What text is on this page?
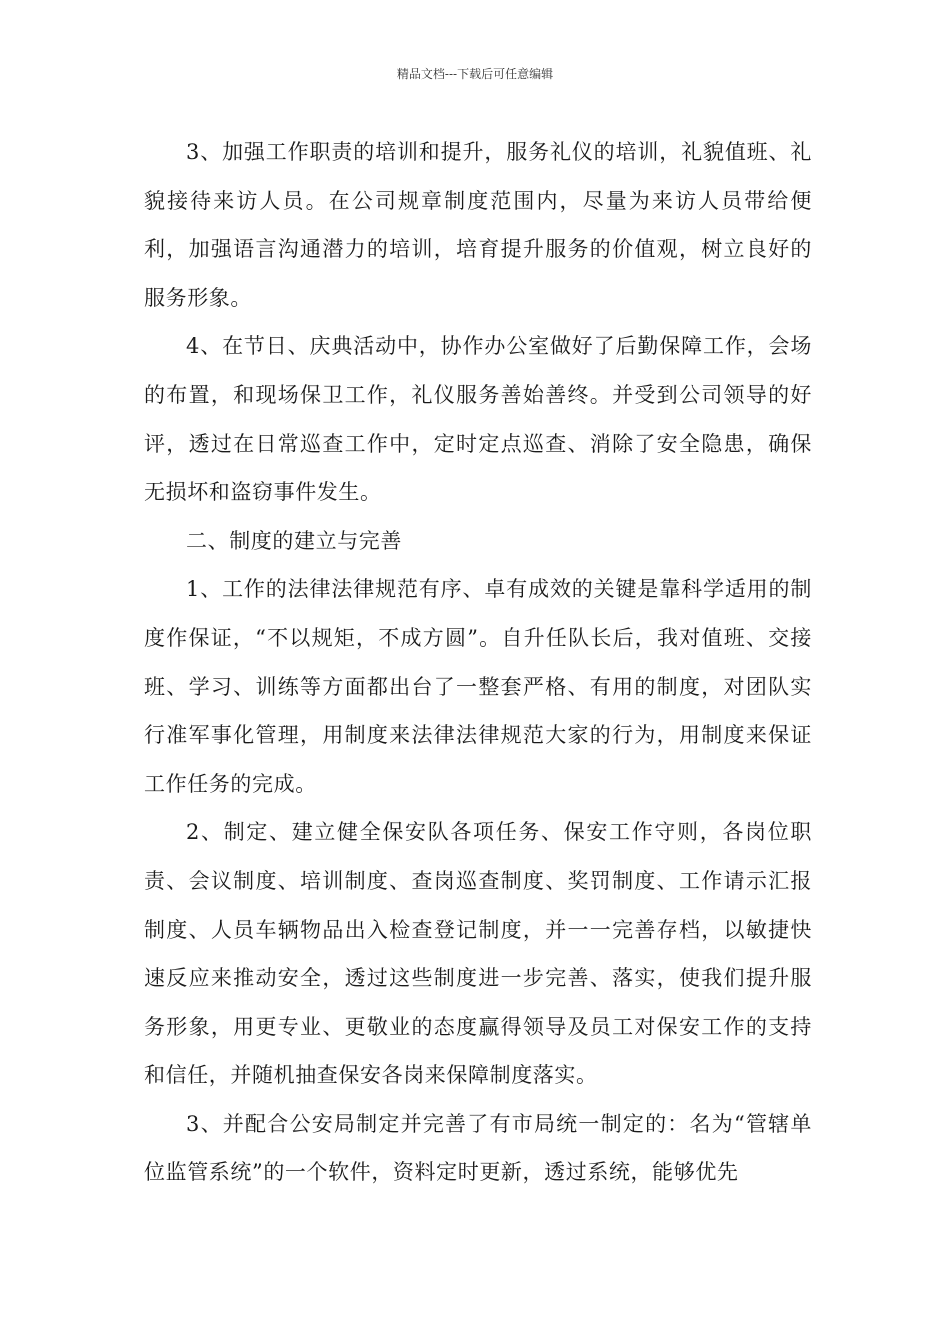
精品文档---下载后可任意编辑

3、加强工作职责的培训和提升，服务礼仪的培训，礼貌值班、礼貌接待来访人员。在公司规章制度范围内，尽量为来访人员带给便利，加强语言沟通潜力的培训，培育提升服务的价值观，树立良好的服务形象。

4、在节日、庆典活动中，协作办公室做好了后勤保障工作，会场的布置，和现场保卫工作，礼仪服务善始善终。并受到公司领导的好评，透过在日常巡查工作中，定时定点巡查、消除了安全隐患，确保无损坏和盗窃事件发生。

二、制度的建立与完善

1、工作的法律法律规范有序、卓有成效的关键是靠科学适用的制度作保证，“不以规矩，不成方圆”。自升任队长后，我对值班、交接班、学习、训练等方面都出台了一整套严格、有用的制度，对团队实行准军事化管理，用制度来法律法律规范大家的行为，用制度来保证工作任务的完成。

2、制定、建立健全保安队各项任务、保安工作守则，各岗位职责、会议制度、培训制度、查岗巡查制度、奖罚制度、工作请示汇报制度、人员车辆物品出入检查登记制度，并一一完善存档，以敏捷快速反应来推动安全，透过这些制度进一步完善、落实，使我们提升服务形象，用更专业、更敬业的态度赢得领导及员工对保安工作的支持和信任，并随机抽查保安各岗来保障制度落实。

3、并配合公安局制定并完善了有市局统一制定的：名为“管辖单位监管系统”的一个软件，资料定时更新，透过系统，能够优先
